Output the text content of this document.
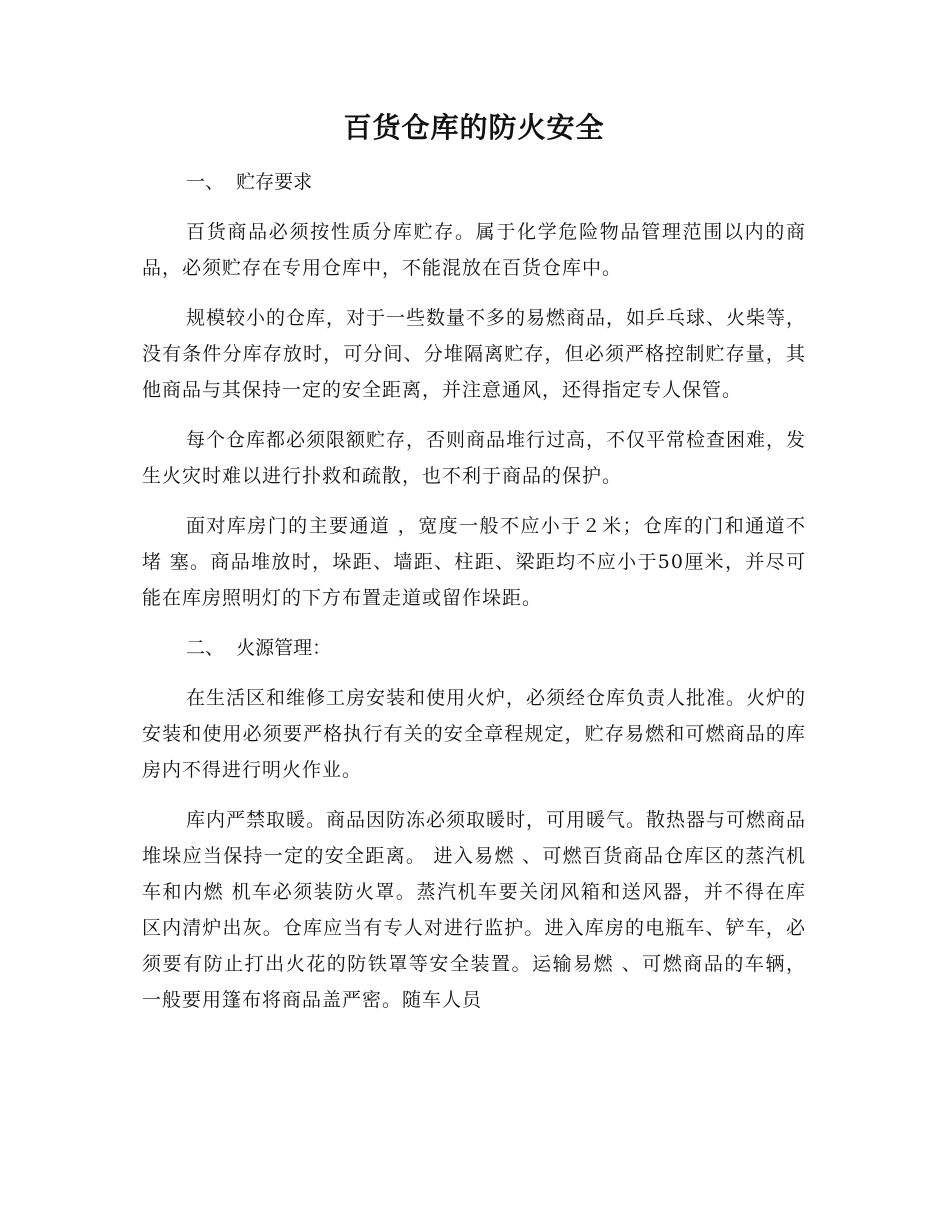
百货仓库的防火安全
一、  贮存要求

百货商品必须按性质分库贮存。属于化学危险物品管理范围以内的商品，必须贮存在专用仓库中，不能混放在百货仓库中。

规模较小的仓库，对于一些数量不多的易燃商品，如乒乓球、火柴等，没有条件分库存放时，可分间、分堆隔离贮存，但必须严格控制贮存量，其他商品与其保持一定的安全距离，并注意通风，还得指定专人保管。

每个仓库都必须限额贮存，否则商品堆行过高，不仅平常检查困难，发生火灾时难以进行扑救和疏散，也不利于商品的保护。

面对库房门的主要通道 ，宽度一般不应小于２米；仓库的门和通道不堵 塞。商品堆放时，垛距、墙距、柱距、梁距均不应小于50厘米，并尽可能在库房照明灯的下方布置走道或留作垛距。

二、  火源管理：

在生活区和维修工房安装和使用火炉，必须经仓库负责人批准。火炉的安装和使用必须要严格执行有关的安全章程规定，贮存易燃和可燃商品的库房内不得进行明火作业。

库内严禁取暖。商品因防冻必须取暖时，可用暖气。散热器与可燃商品堆垛应当保持一定的安全距离。 进入易燃 、可燃百货商品仓库区的蒸汽机车和内燃 机车必须装防火罩。蒸汽机车要关闭风箱和送风器，并不得在库区内清炉出灰。仓库应当有专人对进行监护。进入库房的电瓶车、铲车，必须要有防止打出火花的防铁罩等安全装置。运输易燃 、可燃商品的车辆，一般要用篷布将商品盖严密。随车人员
